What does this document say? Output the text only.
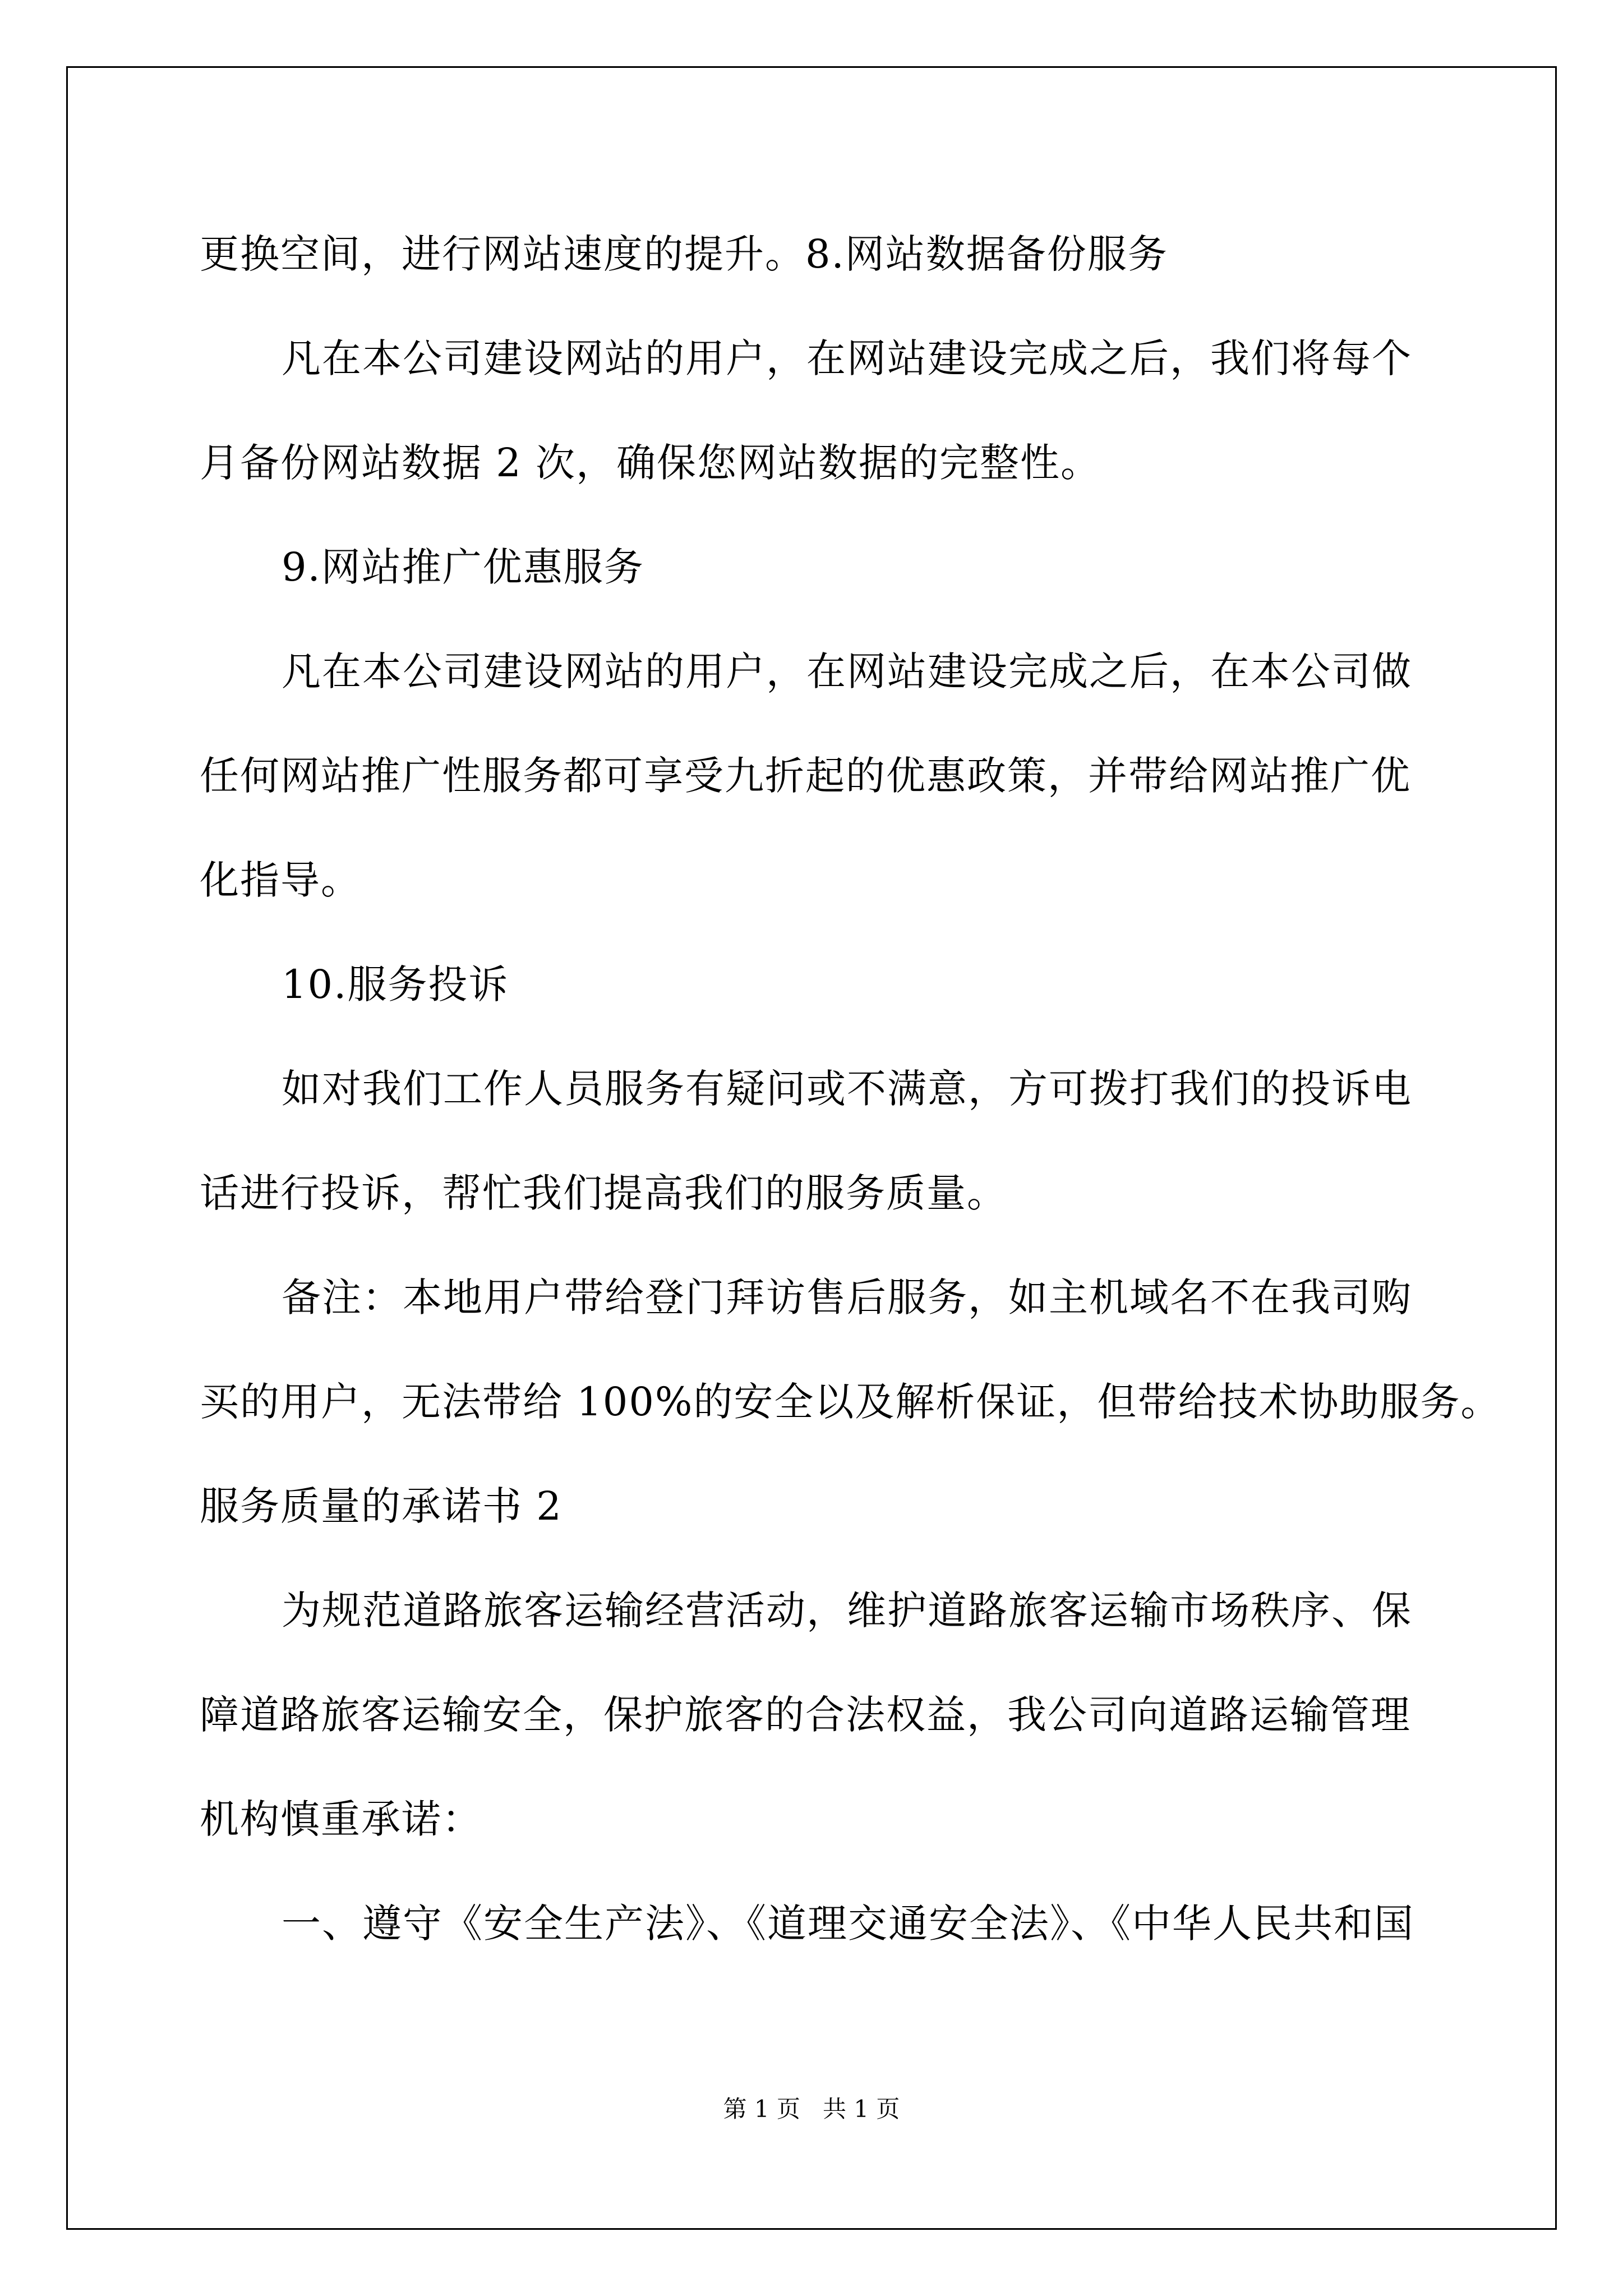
更换空间，进行网站速度的提升。8.网站数据备份服务
凡在本公司建设网站的用户，在网站建设完成之后，我们将每个
月备份网站数据 2 次，确保您网站数据的完整性。
9.网站推广优惠服务
凡在本公司建设网站的用户，在网站建设完成之后，在本公司做
任何网站推广性服务都可享受九折起的优惠政策，并带给网站推广优
化指导。
10.服务投诉
如对我们工作人员服务有疑问或不满意，方可拨打我们的投诉电
话进行投诉，帮忙我们提高我们的服务质量。
备注：本地用户带给登门拜访售后服务，如主机域名不在我司购
买的用户，无法带给 100%的安全以及解析保证，但带给技术协助服务。
服务质量的承诺书 2
为规范道路旅客运输经营活动，维护道路旅客运输市场秩序、保
障道路旅客运输安全，保护旅客的合法权益，我公司向道路运输管理
机构慎重承诺：
一、遵守《安全生产法》、《道理交通安全法》、《中华人民共和国
第 1 页 共 1 页
